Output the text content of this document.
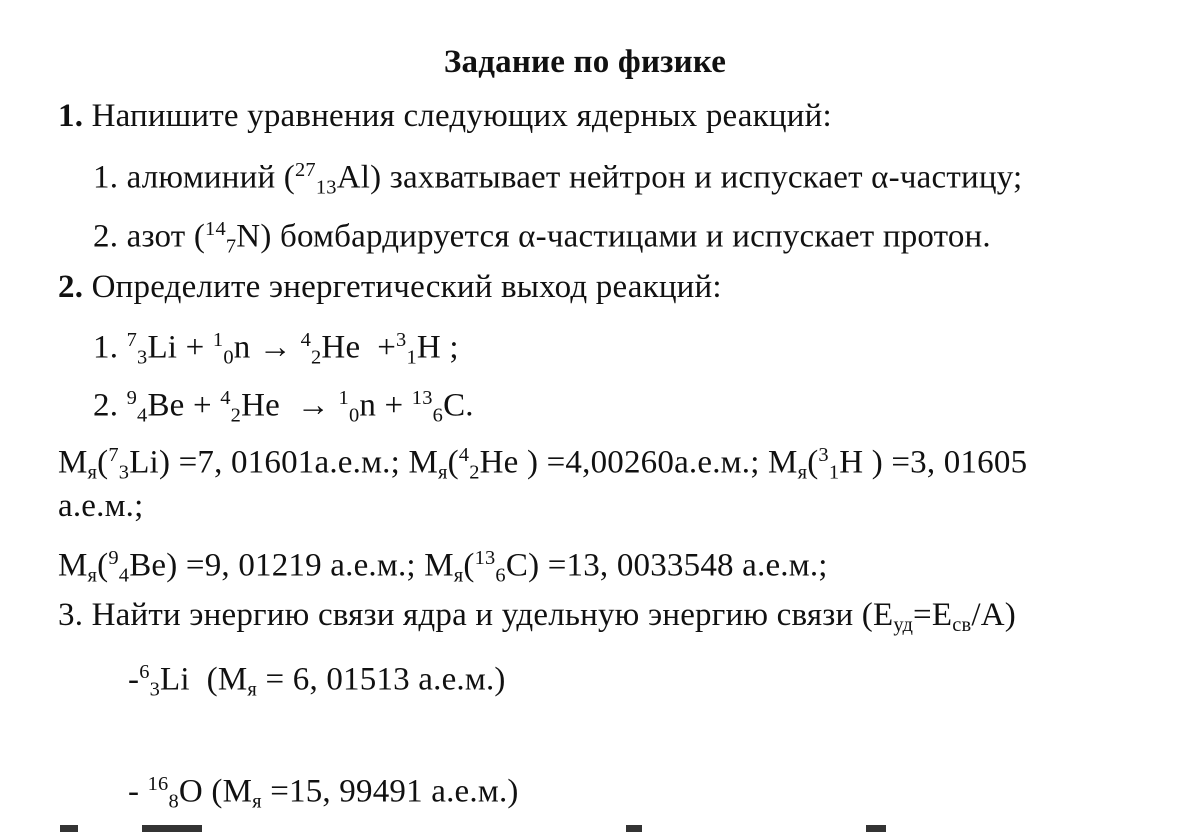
Задание по физике
1. Напишите уравнения следующих ядерных реакций:
1. алюминий ($^{27}$13Al) захватывает нейтрон и испускает α-частицу;
2. азот ($^{14}$7N) бомбардируется α-частицами и испускает протон.
2. Определите энергетический выход реакций:
1. $^7$3Li + $^1$0n → $^4$2He +$^3$1H ;
2. $^9$4Be + $^4$2He → $^1$0n + $^{13}$6C.
Mя($^7$3Li) =7, 01601а.е.м.; Mя($^4$2He ) =4,00260а.е.м.; Mя($^3$1H ) =3, 01605
а.е.м.;
Mя($^9$4Be) =9, 01219 а.е.м.; Mя($^{13}$6C) =13, 0033548 а.е.м.;
3. Найти энергию связи ядра и удельную энергию связи (Eуд=Eсв/A)
-$^6$3Li  (Mя = 6, 01513 а.е.м.)
- $^{16}$8O (Mя =15, 99491 а.е.м.)
